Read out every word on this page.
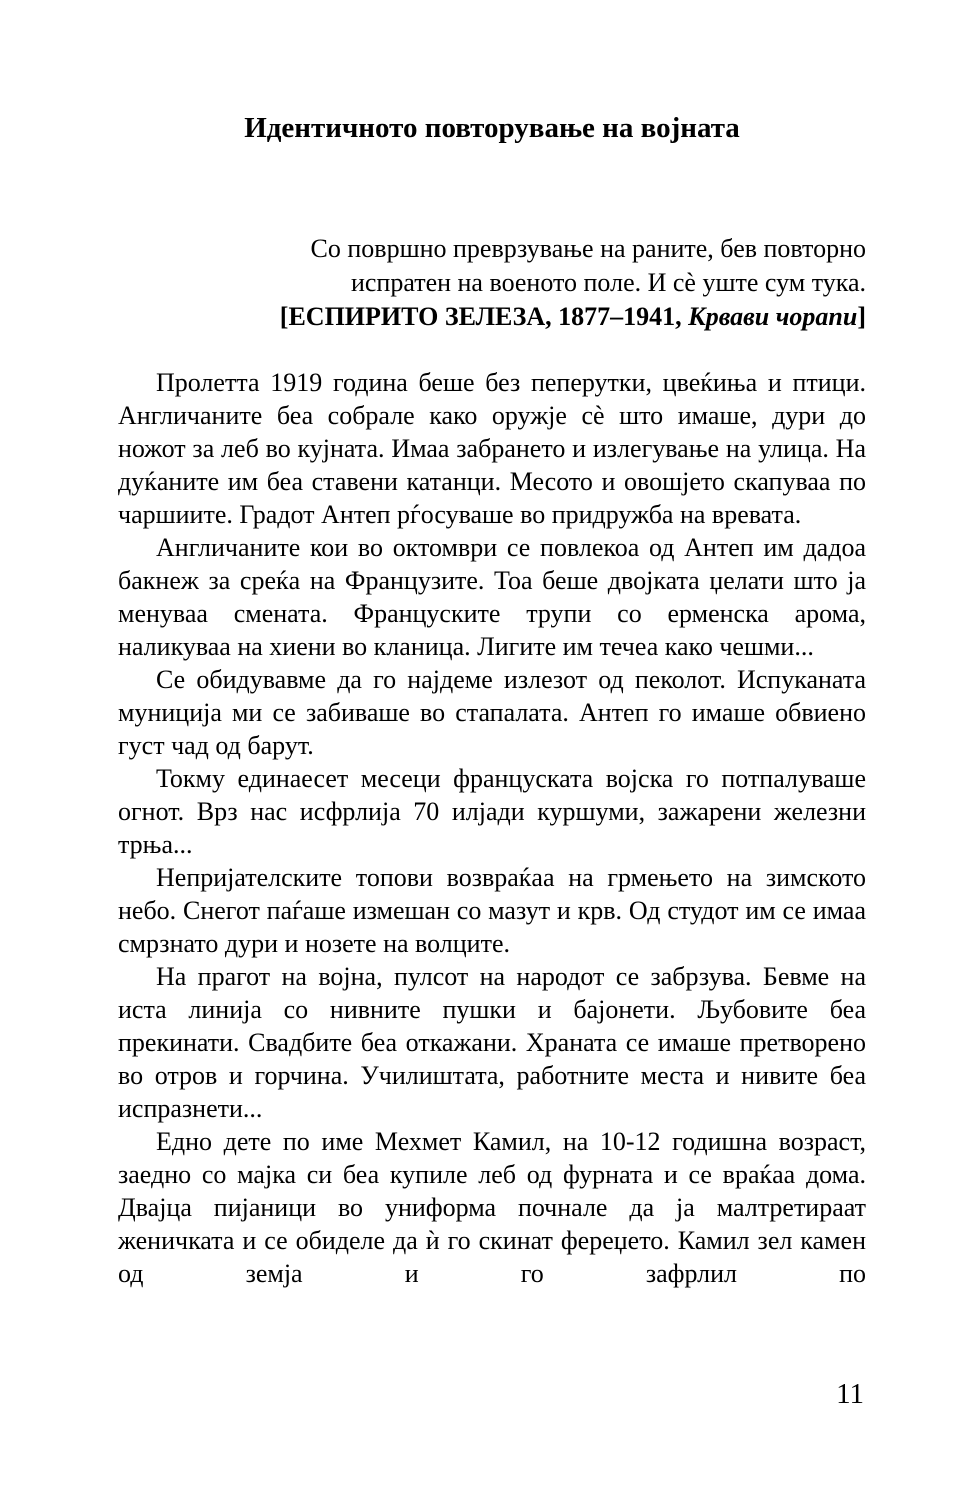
Идентичното повторување на војната
Со површно преврзување на раните, бев повторно
испратен на военото поле. И сѐ уште сум тука.
[ЕСПИРИТО ЗЕЛЕЗА, 1877–1941, Крвави чорапи]

Пролетта 1919 година беше без пеперутки, цвеќиња и птици. Англичаните беа собрале како оружје сѐ што имаше, дури до ножот за леб во кујната. Имаа забрането и излегување на улица. На дуќаните им беа ставени катанци. Месото и овошјето скапуваа по чаршиите. Градот Антеп рѓосуваше во придружба на вревата.

Англичаните кои во октомври се повлекоа од Антеп им дадоа бакнеж за среќа на Французите. Тоа беше двојката џелати што ја менуваа смената. Француските трупи со ерменска арома, наликуваа на хиени во кланица. Лигите им течеа како чешми...

Се обидувавме да го најдеме излезот од пеколот. Испуканата муниција ми се забиваше во стапалата. Антеп го имаше обвиено густ чад од барут.

Токму единаесет месеци француската војска го потпалуваше огнот. Врз нас исфрлија 70 илјади куршуми, зажарени железни трња...

Непријателските топови возвраќаа на грмењето на зимското небо. Снегот паѓаше измешан со мазут и крв. Од студот им се имаа смрзнато дури и нозете на волците.

На прагот на војна, пулсот на народот се забрзува. Бевме на иста линија со нивните пушки и бајонети. Љубовите беа прекинати. Свадбите беа откажани. Храната се имаше претворено во отров и горчина. Училиштата, работните места и нивите беа испразнети...

Едно дете по име Мехмет Камил, на 10-12 годишна возраст, заедно со мајка си беа купиле леб од фурната и се враќаа дома. Двајца пијаници во униформа почнале да ја малтретираат женичката и се обиделе да ѝ го скинат фереџето. Камил зел камен од земја и го зафрлил по

11
